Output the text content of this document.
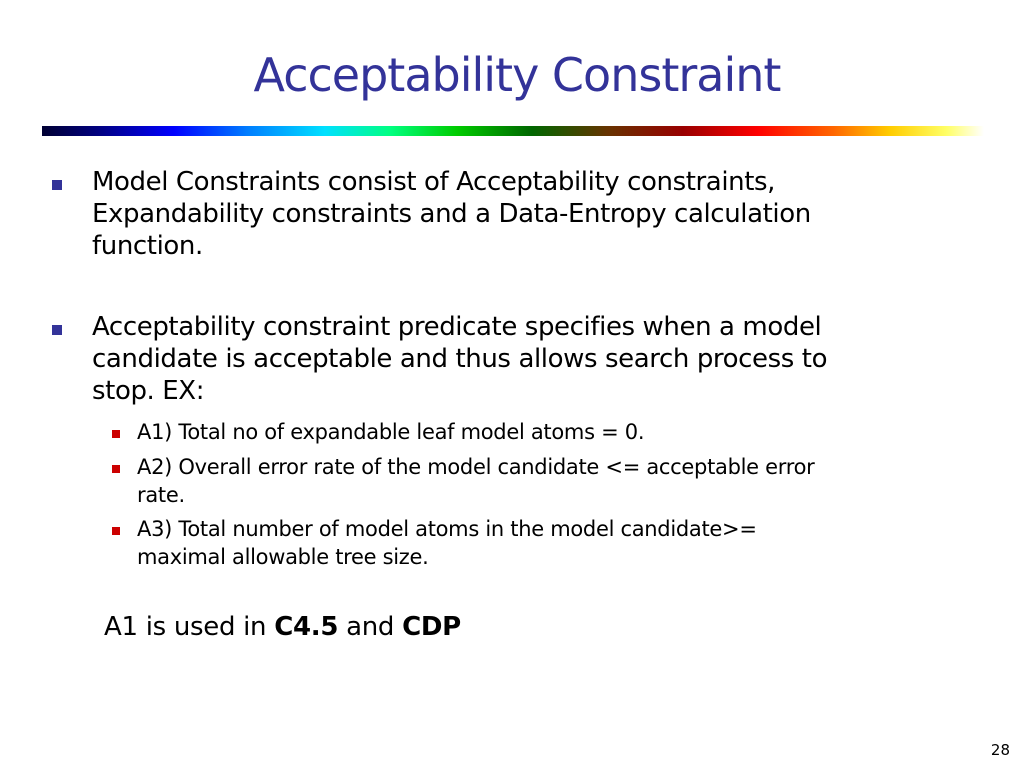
Acceptability Constraint
Model Constraints consist of Acceptability constraints,
Expandability constraints and a Data-Entropy calculation
function.
Acceptability constraint predicate specifies when a model
candidate is acceptable and thus allows search process to
stop. EX:
A1) Total no of expandable leaf model atoms = 0.
A2) Overall error rate of the model candidate <= acceptable error
rate.
A3) Total number of model atoms in the model candidate>=
maximal allowable tree size.
A1 is used in C4.5 and CDP
28
